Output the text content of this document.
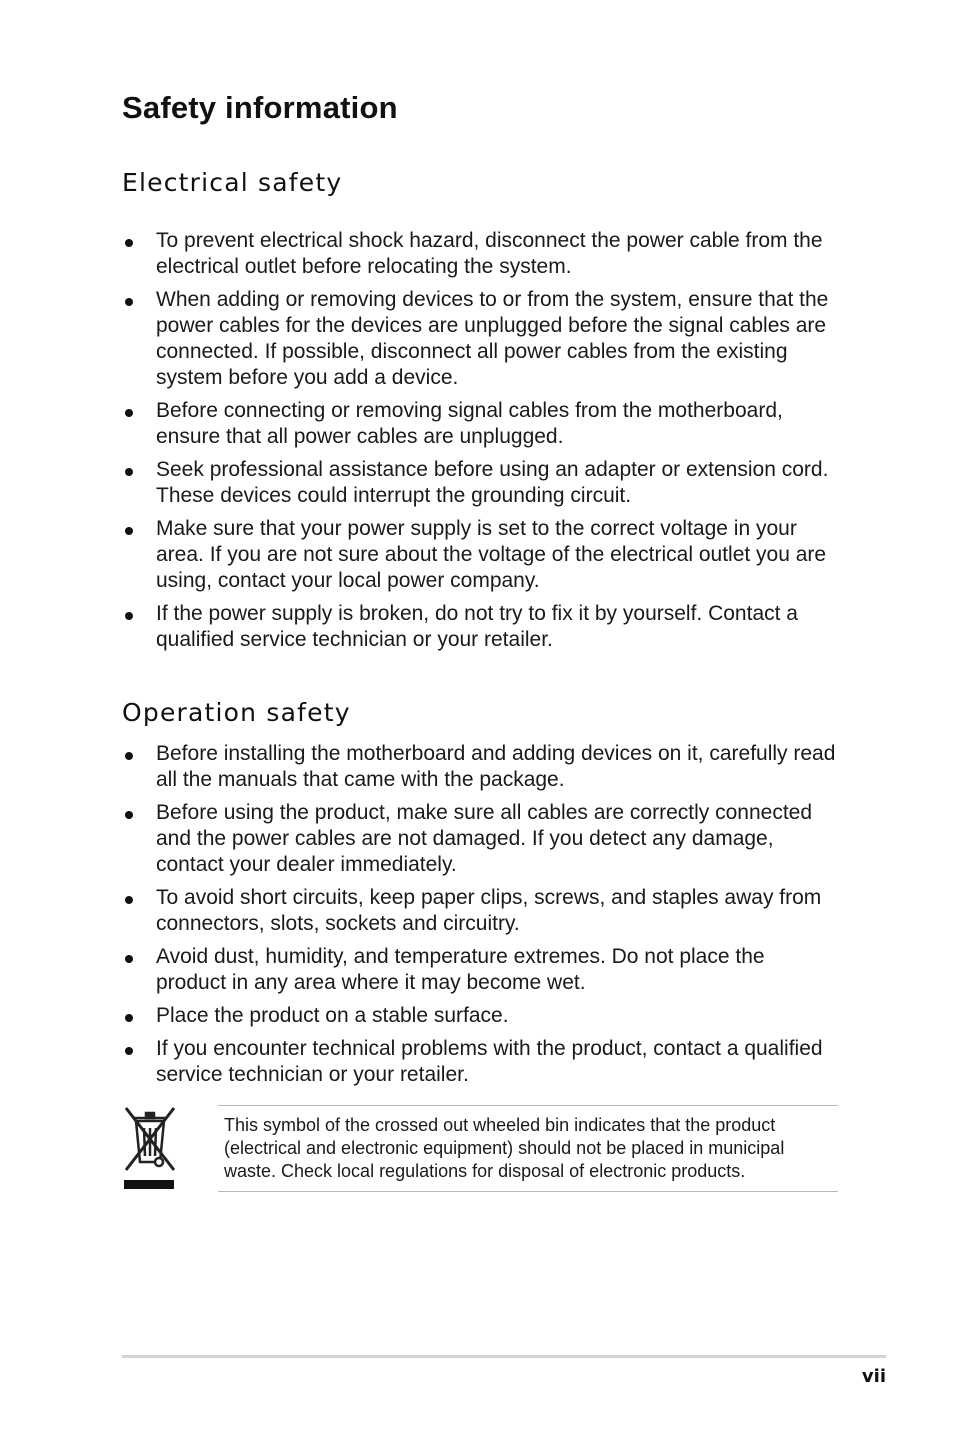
Safety information
Electrical safety
To prevent electrical shock hazard, disconnect the power cable from the electrical outlet before relocating the system.
When adding or removing devices to or from the system, ensure that the power cables for the devices are unplugged before the signal cables are connected. If possible, disconnect all power cables from the existing system before you add a device.
Before connecting or removing signal cables from the motherboard, ensure that all power cables are unplugged.
Seek professional assistance before using an adapter or extension cord. These devices could interrupt the grounding circuit.
Make sure that your power supply is set to the correct voltage in your area. If you are not sure about the voltage of the electrical outlet you are using, contact your local power company.
If the power supply is broken, do not try to fix it by yourself. Contact a qualified service technician or your retailer.
Operation safety
Before installing the motherboard and adding devices on it, carefully read all the manuals that came with the package.
Before using the product, make sure all cables are correctly connected and the power cables are not damaged. If you detect any damage, contact your dealer immediately.
To avoid short circuits, keep paper clips, screws, and staples away from connectors, slots, sockets and circuitry.
Avoid dust, humidity, and temperature extremes. Do not place the product in any area where it may become wet.
Place the product on a stable surface.
If you encounter technical problems with the product, contact a qualified service technician or your retailer.
This symbol of the crossed out wheeled bin indicates that the product (electrical and electronic equipment) should not be placed in municipal waste. Check local regulations for disposal of electronic products.
vii
